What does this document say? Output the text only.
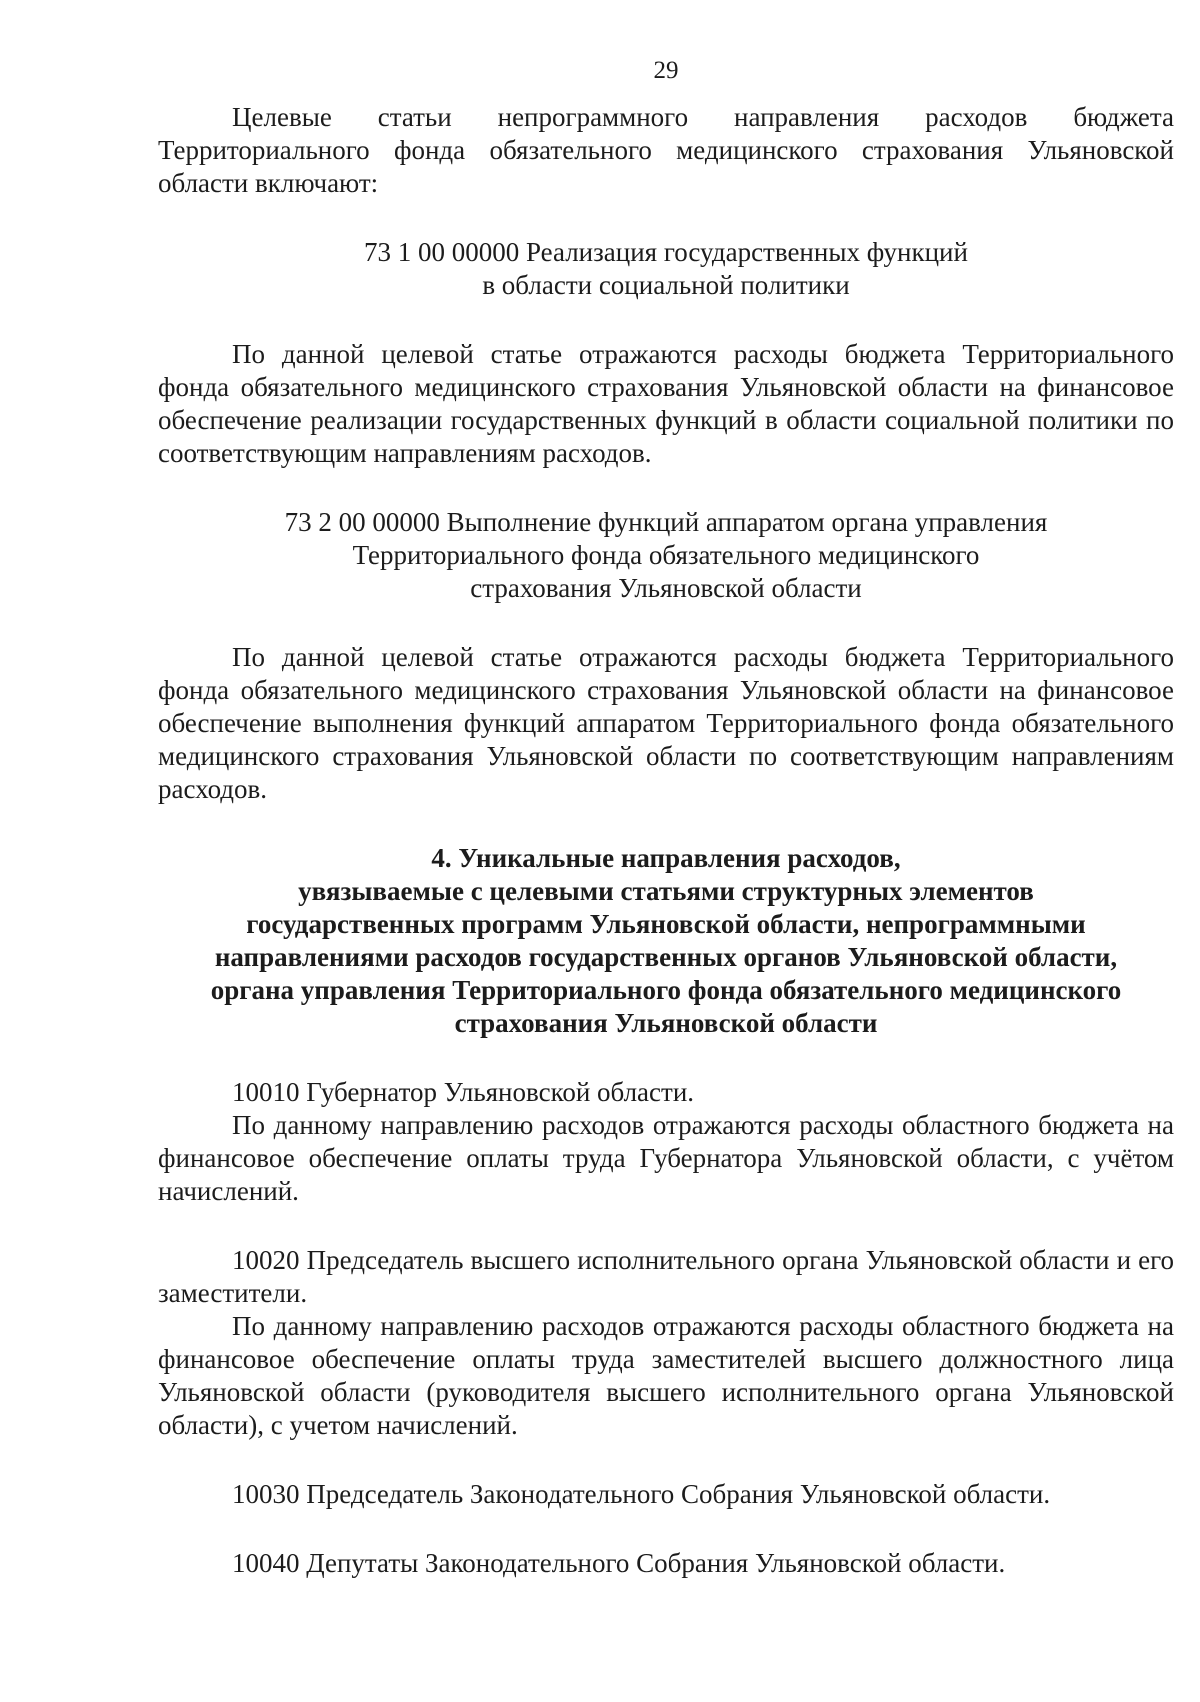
29

Целевые статьи непрограммного направления расходов бюджета Территориального фонда обязательного медицинского страхования Ульяновской области включают:

73 1 00 00000 Реализация государственных функций

в области социальной политики

По данной целевой статье отражаются расходы бюджета Территориального фонда обязательного медицинского страхования Ульяновской области на финансовое обеспечение реализации государственных функций в области социальной политики по соответствующим направлениям расходов.

73 2 00 00000 Выполнение функций аппаратом органа управления

Территориального фонда обязательного медицинского

страхования Ульяновской области

По данной целевой статье отражаются расходы бюджета Территориального фонда обязательного медицинского страхования Ульяновской области на финансовое обеспечение выполнения функций аппаратом Территориального фонда обязательного медицинского страхования Ульяновской области по соответствующим направлениям расходов.

4. Уникальные направления расходов,

увязываемые с целевыми статьями структурных элементов

государственных программ Ульяновской области, непрограммными

направлениями расходов государственных органов Ульяновской области,

органа управления Территориального фонда обязательного медицинского

страхования Ульяновской области

10010 Губернатор Ульяновской области.

По данному направлению расходов отражаются расходы областного бюджета на финансовое обеспечение оплаты труда Губернатора Ульяновской области, с учётом начислений.

10020 Председатель высшего исполнительного органа Ульяновской области и его заместители.

По данному направлению расходов отражаются расходы областного бюджета на финансовое обеспечение оплаты труда заместителей высшего должностного лица Ульяновской области (руководителя высшего исполнительного органа Ульяновской области), с учетом начислений.

10030 Председатель Законодательного Собрания Ульяновской области.

10040 Депутаты Законодательного Собрания Ульяновской области.
